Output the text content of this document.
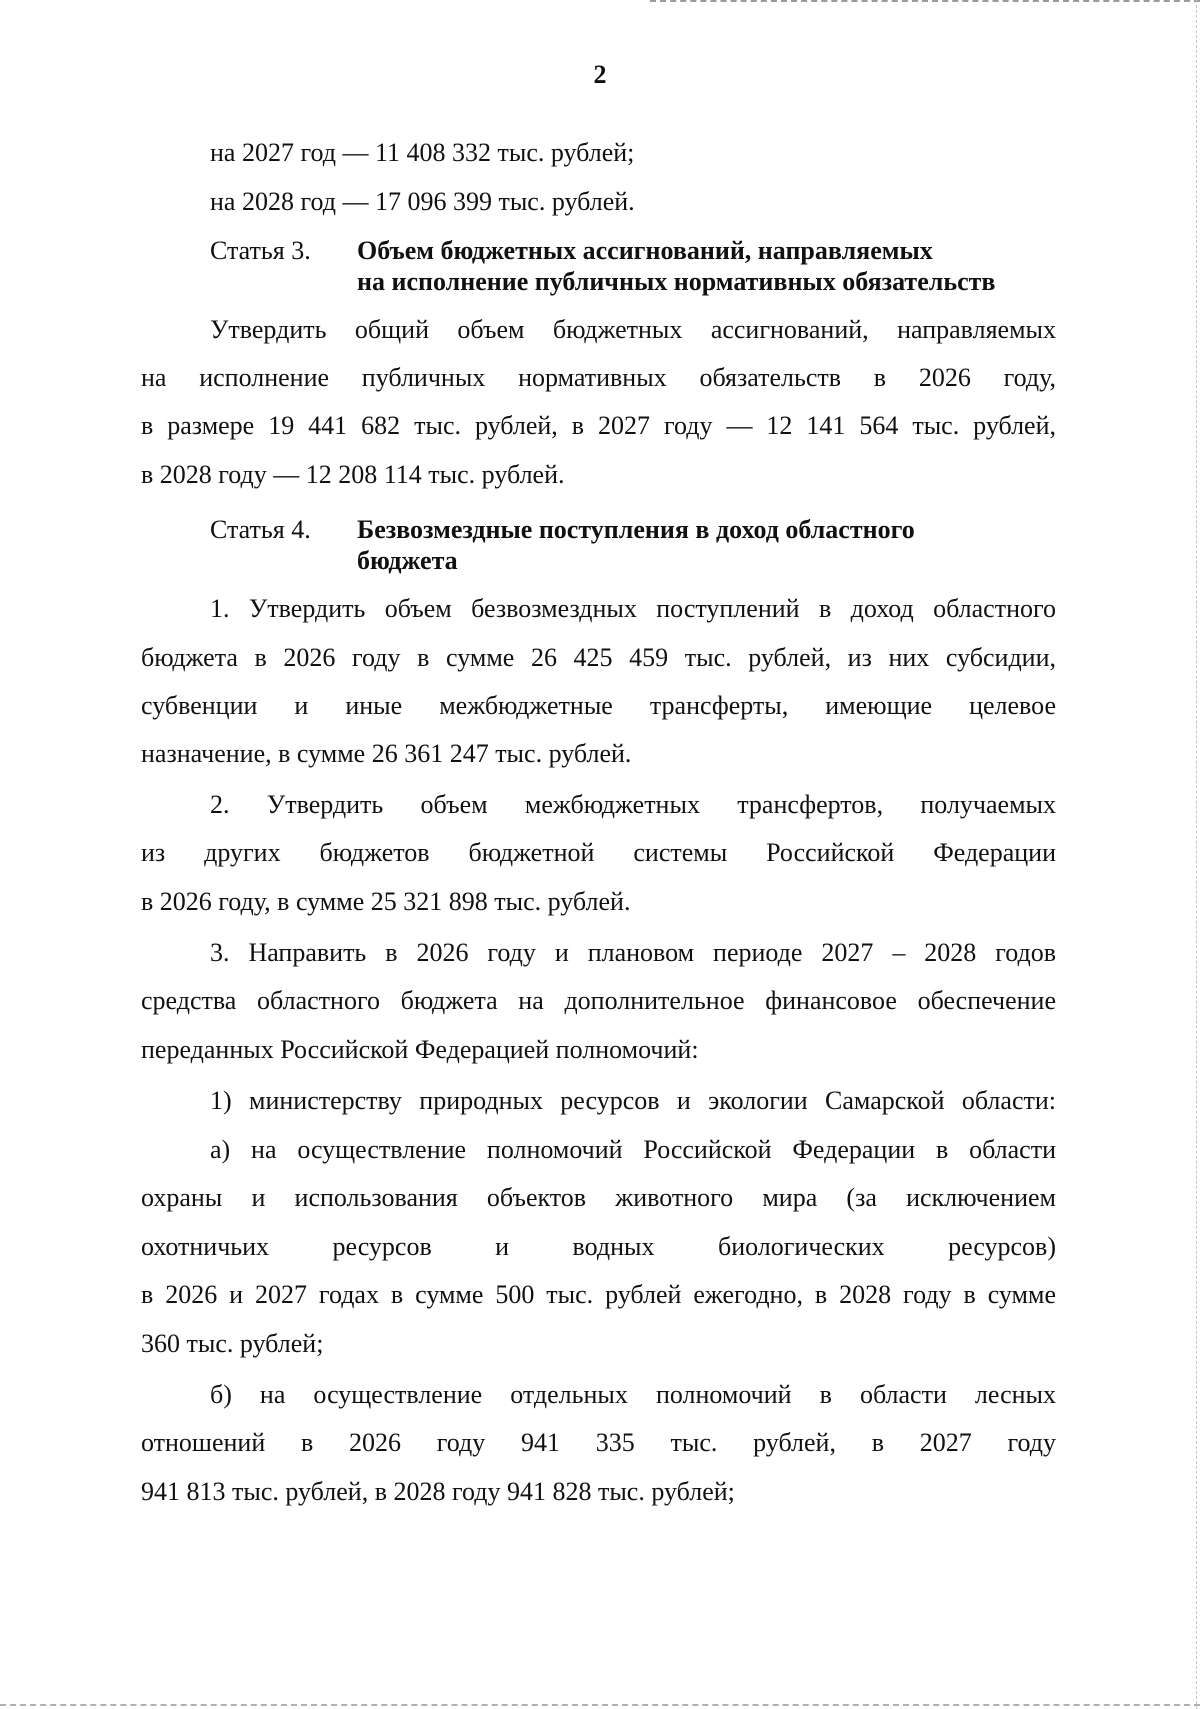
2
на 2027 год — 11 408 332 тыс. рублей;
на 2028 год — 17 096 399 тыс. рублей.
Статья 3. Объем бюджетных ассигнований, направляемых
на исполнение публичных нормативных обязательств
Утвердить общий объем бюджетных ассигнований, направляемых
на исполнение публичных нормативных обязательств в 2026 году,
в размере 19 441 682 тыс. рублей, в 2027 году — 12 141 564 тыс. рублей,
в 2028 году — 12 208 114 тыс. рублей.
Статья 4. Безвозмездные поступления в доход областного
бюджета
1. Утвердить объем безвозмездных поступлений в доход областного
бюджета в 2026 году в сумме 26 425 459 тыс. рублей, из них субсидии,
субвенции и иные межбюджетные трансферты, имеющие целевое
назначение, в сумме 26 361 247 тыс. рублей.
2. Утвердить объем межбюджетных трансфертов, получаемых
из других бюджетов бюджетной системы Российской Федерации
в 2026 году, в сумме 25 321 898 тыс. рублей.
3. Направить в 2026 году и плановом периоде 2027 – 2028 годов
средства областного бюджета на дополнительное финансовое обеспечение
переданных Российской Федерацией полномочий:
1) министерству природных ресурсов и экологии Самарской области:
а) на осуществление полномочий Российской Федерации в области
охраны и использования объектов животного мира (за исключением
охотничьих ресурсов и водных биологических ресурсов)
в 2026 и 2027 годах в сумме 500 тыс. рублей ежегодно, в 2028 году в сумме
360 тыс. рублей;
б) на осуществление отдельных полномочий в области лесных
отношений в 2026 году 941 335 тыс. рублей, в 2027 году
941 813 тыс. рублей, в 2028 году 941 828 тыс. рублей;
